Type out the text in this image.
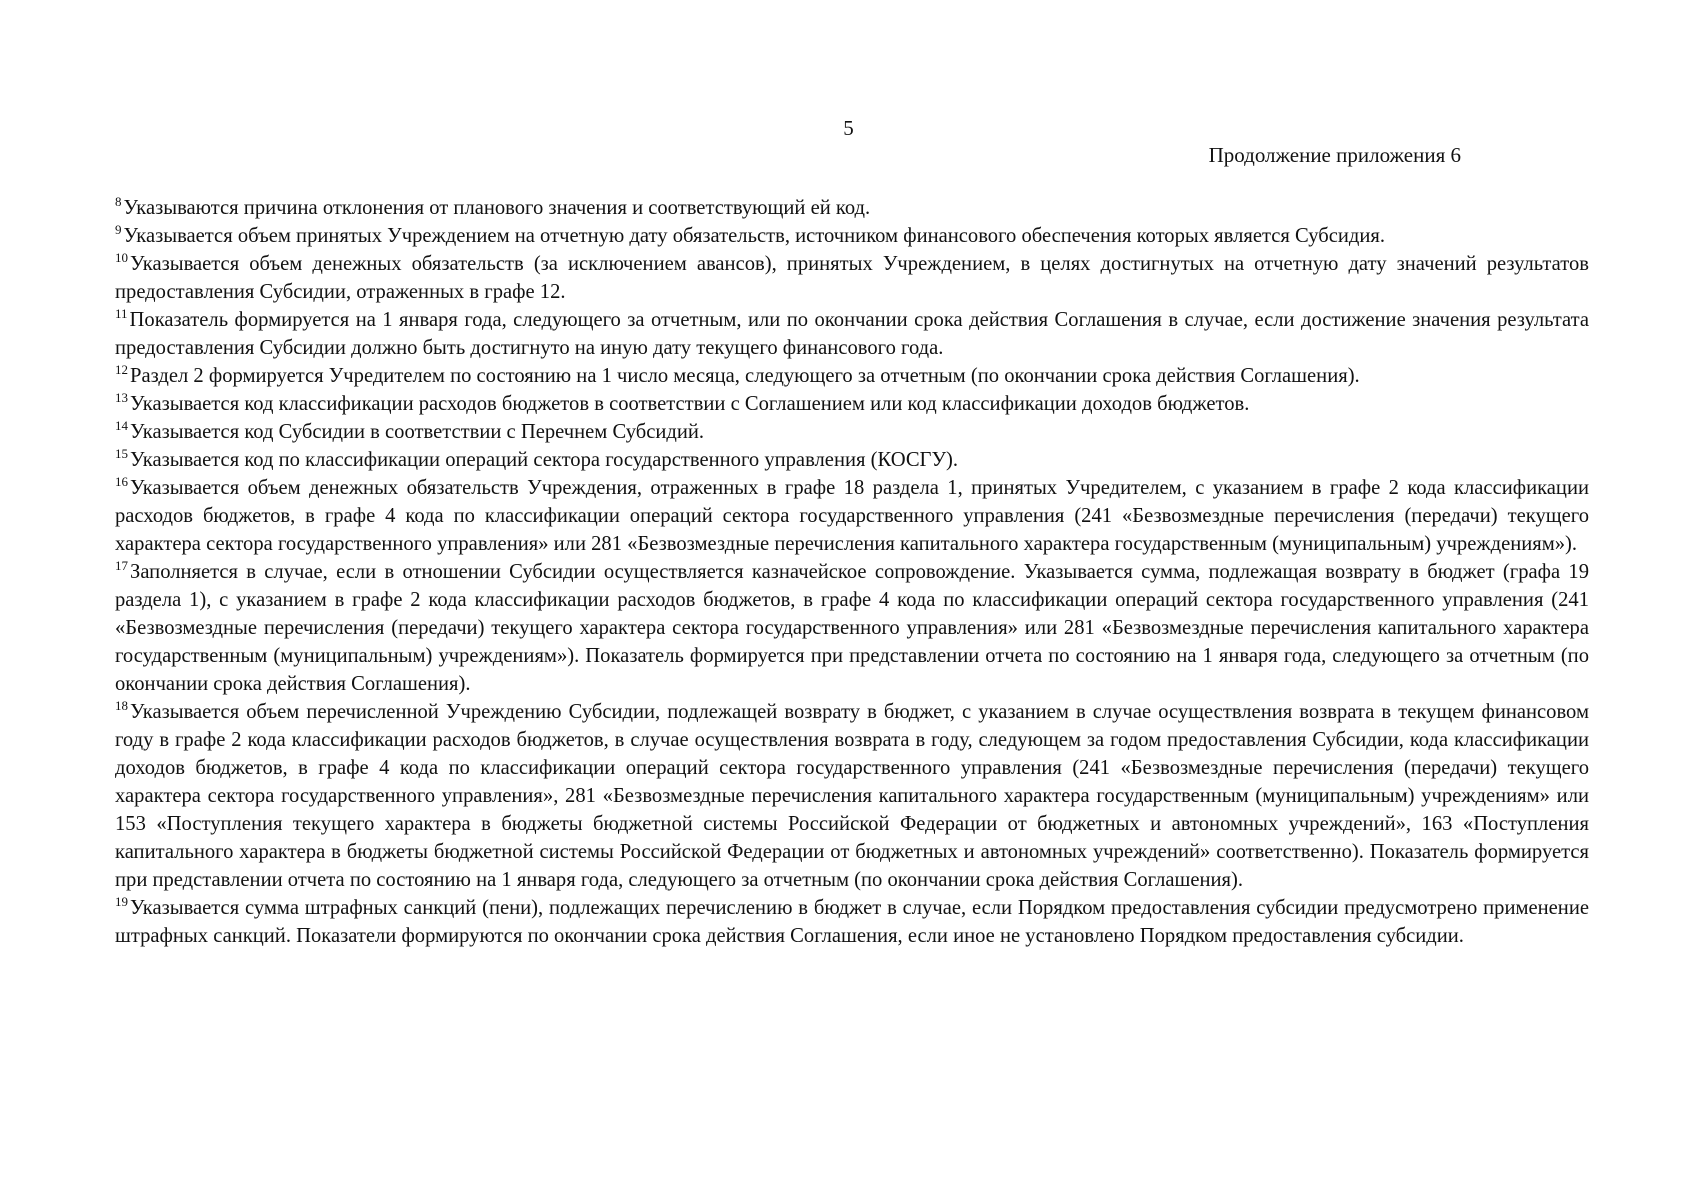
5
Продолжение приложения 6

$^8$Указываются причина отклонения от планового значения и соответствующий ей код.

$^9$Указывается объем принятых Учреждением на отчетную дату обязательств, источником финансового обеспечения которых является Субсидия.

$^{10}$Указывается объем денежных обязательств (за исключением авансов), принятых Учреждением, в целях достигнутых на отчетную дату значений результатов предоставления Субсидии, отраженных в графе 12.

$^{11}$Показатель формируется на 1 января года, следующего за отчетным, или по окончании срока действия Соглашения в случае, если достижение значения результата предоставления Субсидии должно быть достигнуто на иную дату текущего финансового года.

$^{12}$Раздел 2 формируется Учредителем по состоянию на 1 число месяца, следующего за отчетным (по окончании срока действия Соглашения).

$^{13}$Указывается код классификации расходов бюджетов в соответствии с Соглашением или код классификации доходов бюджетов.

$^{14}$Указывается код Субсидии в соответствии с Перечнем Субсидий.

$^{15}$Указывается код по классификации операций сектора государственного управления (КОСГУ).

$^{16}$Указывается объем денежных обязательств Учреждения, отраженных в графе 18 раздела 1, принятых Учредителем, с указанием в графе 2 кода классификации расходов бюджетов, в графе 4 кода по классификации операций сектора государственного управления (241 «Безвозмездные перечисления (передачи) текущего характера сектора государственного управления» или 281 «Безвозмездные перечисления капитального характера государственным (муниципальным) учреждениям»).

$^{17}$Заполняется в случае, если в отношении Субсидии осуществляется казначейское сопровождение. Указывается сумма, подлежащая возврату в бюджет (графа 19 раздела 1), с указанием в графе 2 кода классификации расходов бюджетов, в графе 4 кода по классификации операций сектора государственного управления (241 «Безвозмездные перечисления (передачи) текущего характера сектора государственного управления» или 281 «Безвозмездные перечисления капитального характера государственным (муниципальным) учреждениям»). Показатель формируется при представлении отчета по состоянию на 1 января года, следующего за отчетным (по окончании срока действия Соглашения).

$^{18}$Указывается объем перечисленной Учреждению Субсидии, подлежащей возврату в бюджет, с указанием в случае осуществления возврата в текущем финансовом году в графе 2 кода классификации расходов бюджетов, в случае осуществления возврата в году, следующем за годом предоставления Субсидии, кода классификации доходов бюджетов, в графе 4 кода по классификации операций сектора государственного управления (241 «Безвозмездные перечисления (передачи) текущего характера сектора государственного управления», 281 «Безвозмездные перечисления капитального характера государственным (муниципальным) учреждениям» или 153 «Поступления текущего характера в бюджеты бюджетной системы Российской Федерации от бюджетных и автономных учреждений», 163 «Поступления капитального характера в бюджеты бюджетной системы Российской Федерации от бюджетных и автономных учреждений» соответственно). Показатель формируется при представлении отчета по состоянию на 1 января года, следующего за отчетным (по окончании срока действия Соглашения).

$^{19}$Указывается сумма штрафных санкций (пени), подлежащих перечислению в бюджет в случае, если Порядком предоставления субсидии предусмотрено применение штрафных санкций. Показатели формируются по окончании срока действия Соглашения, если иное не установлено Порядком предоставления субсидии.
